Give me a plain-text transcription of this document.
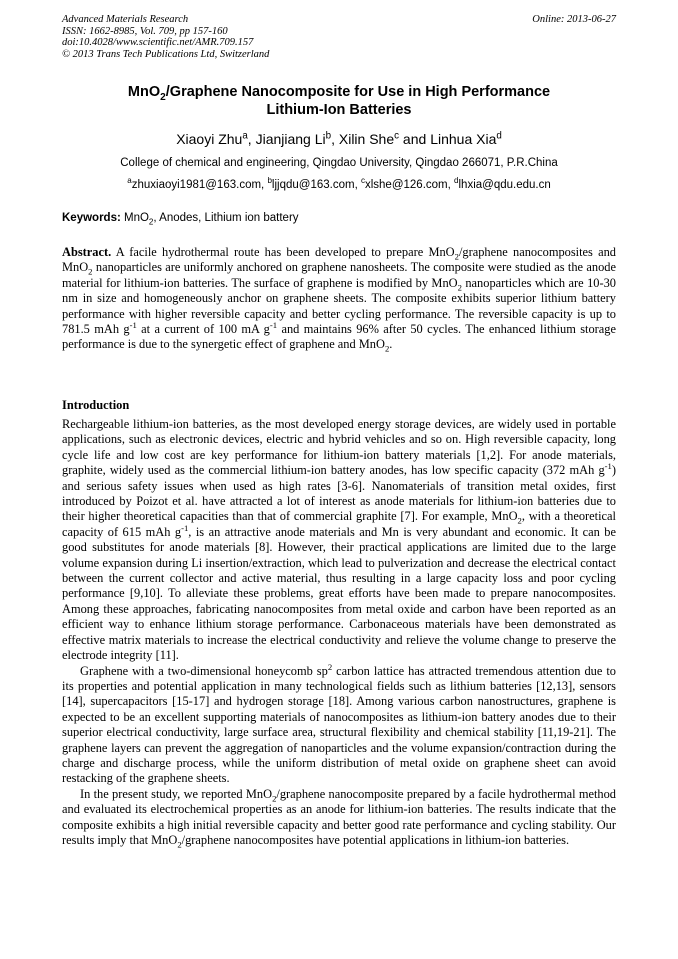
Advanced Materials Research
ISSN: 1662-8985, Vol. 709, pp 157-160
doi:10.4028/www.scientific.net/AMR.709.157
© 2013 Trans Tech Publications Ltd, Switzerland
Online: 2013-06-27
MnO$_2$/Graphene Nanocomposite for Use in High Performance
Lithium-Ion Batteries
Xiaoyi Zhu$^a$, Jianjiang Li$^b$, Xilin She$^c$ and Linhua Xia$^d$
College of chemical and engineering, Qingdao University, Qingdao 266071, P.R.China
$^a$zhuxiaoyi1981@163.com, $^b$ljjqdu@163.com, $^c$xlshe@126.com, $^d$lhxia@qdu.edu.cn
Keywords: MnO$_2$, Anodes, Lithium ion battery
Abstract. A facile hydrothermal route has been developed to prepare MnO$_2$/graphene nanocomposites and MnO$_2$ nanoparticles are uniformly anchored on graphene nanosheets. The composite were studied as the anode material for lithium-ion batteries. The surface of graphene is modified by MnO$_2$ nanoparticles which are 10-30 nm in size and homogeneously anchor on graphene sheets. The composite exhibits superior lithium battery performance with higher reversible capacity and better cycling performance. The reversible capacity is up to 781.5 mAh $g^{-1}$ at a current of 100 mA $g^{-1}$ and maintains 96% after 50 cycles. The enhanced lithium storage performance is due to the synergetic effect of graphene and MnO$_2$.
Introduction

Rechargeable lithium-ion batteries, as the most developed energy storage devices, are widely used in portable applications, such as electronic devices, electric and hybrid vehicles and so on. High reversible capacity, long cycle life and low cost are key performance for lithium-ion battery materials [1,2]. For anode materials, graphite, widely used as the commercial lithium-ion battery anodes, has low specific capacity (372 mAh $g^{-1}$) and serious safety issues when used as high rates [3-6]. Nanomaterials of transition metal oxides, first introduced by Poizot et al. have attracted a lot of interest as anode materials for lithium-ion batteries due to their higher theoretical capacities than that of commercial graphite [7]. For example, MnO$_2$, with a theoretical capacity of 615 mAh $g^{-1}$, is an attractive anode materials and Mn is very abundant and economic. It can be good substitutes for anode materials [8]. However, their practical applications are limited due to the large volume expansion during Li insertion/extraction, which lead to pulverization and decrease the electrical contact between the current collector and active material, thus resulting in a large capacity loss and poor cycling performance [9,10]. To alleviate these problems, great efforts have been made to prepare nanocomposites. Among these approaches, fabricating nanocomposites from metal oxide and carbon have been reported as an efficient way to enhance lithium storage performance. Carbonaceous materials have been demonstrated as effective matrix materials to increase the electrical conductivity and relieve the volume change to preserve the electrode integrity [11].

Graphene with a two-dimensional honeycomb $sp^2$ carbon lattice has attracted tremendous attention due to its properties and potential application in many technological fields such as lithium batteries [12,13], sensors [14], supercapacitors [15-17] and hydrogen storage [18]. Among various carbon nanostructures, graphene is expected to be an excellent supporting materials of nanocomposites as lithium-ion battery anodes due to their superior electrical conductivity, large surface area, structural flexibility and chemical stability [11,19-21]. The graphene layers can prevent the aggregation of nanoparticles and the volume expansion/contraction during the charge and discharge process, while the uniform distribution of metal oxide on graphene sheet can avoid restacking of the graphene sheets.

In the present study, we reported MnO$_2$/graphene nanocomposite prepared by a facile hydrothermal method and evaluated its electrochemical properties as an anode for lithium-ion batteries. The results indicate that the composite exhibits a high initial reversible capacity and better good rate performance and cycling stability. Our results imply that MnO$_2$/graphene nanocomposites have potential applications in lithium-ion batteries.
